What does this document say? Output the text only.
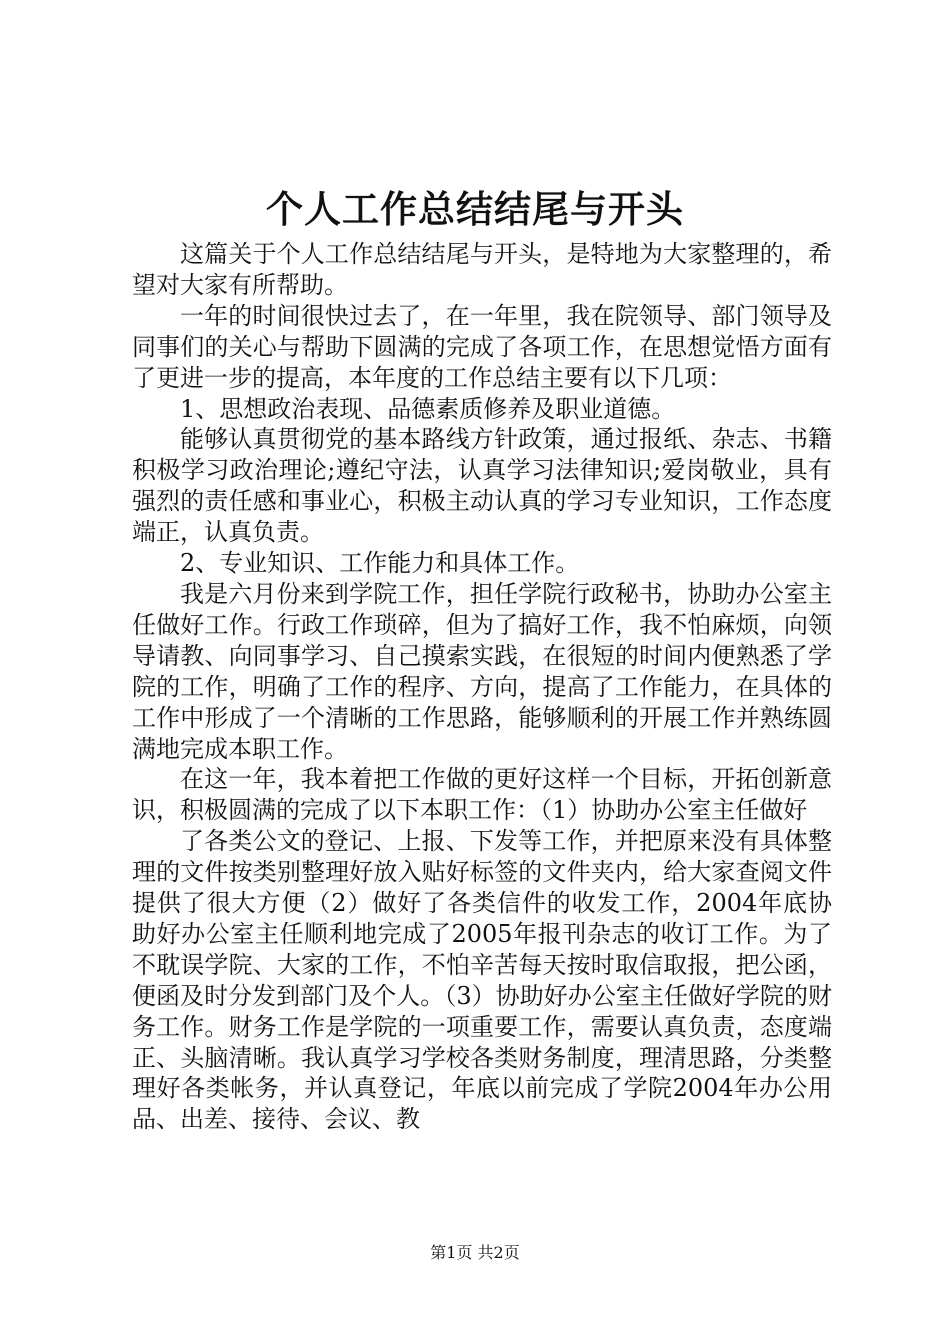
个人工作总结结尾与开头

这篇关于个人工作总结结尾与开头，是特地为大家整理的，希望对大家有所帮助。

一年的时间很快过去了，在一年里，我在院领导、部门领导及同事们的关心与帮助下圆满的完成了各项工作，在思想觉悟方面有了更进一步的提高，本年度的工作总结主要有以下几项：

1、思想政治表现、品德素质修养及职业道德。

能够认真贯彻党的基本路线方针政策，通过报纸、杂志、书籍积极学习政治理论;遵纪守法，认真学习法律知识;爱岗敬业，具有强烈的责任感和事业心，积极主动认真的学习专业知识，工作态度端正，认真负责。

2、专业知识、工作能力和具体工作。

我是六月份来到学院工作，担任学院行政秘书，协助办公室主任做好工作。行政工作琐碎，但为了搞好工作，我不怕麻烦，向领导请教、向同事学习、自己摸索实践，在很短的时间内便熟悉了学院的工作，明确了工作的程序、方向，提高了工作能力，在具体的工作中形成了一个清晰的工作思路，能够顺利的开展工作并熟练圆满地完成本职工作。

在这一年，我本着把工作做的更好这样一个目标，开拓创新意识，积极圆满的完成了以下本职工作：（1）协助办公室主任做好

了各类公文的登记、上报、下发等工作，并把原来没有具体整理的文件按类别整理好放入贴好标签的文件夹内，给大家查阅文件提供了很大方便（2）做好了各类信件的收发工作，2004年底协助好办公室主任顺利地完成了2005年报刊杂志的收订工作。为了不耽误学院、大家的工作，不怕辛苦每天按时取信取报，把公函，便函及时分发到部门及个人。（3）协助好办公室主任做好学院的财务工作。财务工作是学院的一项重要工作，需要认真负责，态度端正、头脑清晰。我认真学习学校各类财务制度，理清思路，分类整理好各类帐务，并认真登记，年底以前完成了学院2004年办公用品、出差、接待、会议、教

第1页 共2页
